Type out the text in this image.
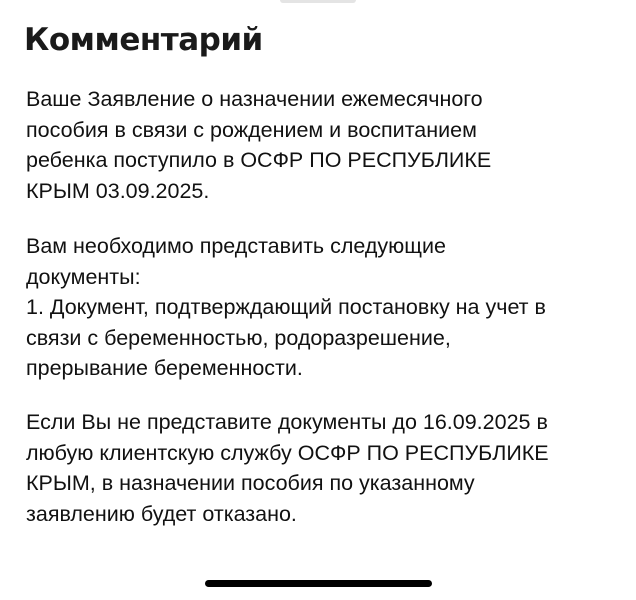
Комментарий
Ваше Заявление о назначении ежемесячного
пособия в связи с рождением и воспитанием
ребенка поступило в ОСФР ПО РЕСПУБЛИКЕ
КРЫМ 03.09.2025.
Вам необходимо представить следующие
документы:
1. Документ, подтверждающий постановку на учет в
связи с беременностью, родоразрешение,
прерывание беременности.
Если Вы не представите документы до 16.09.2025 в
любую клиентскую службу ОСФР ПО РЕСПУБЛИКЕ
КРЫМ, в назначении пособия по указанному
заявлению будет отказано.
